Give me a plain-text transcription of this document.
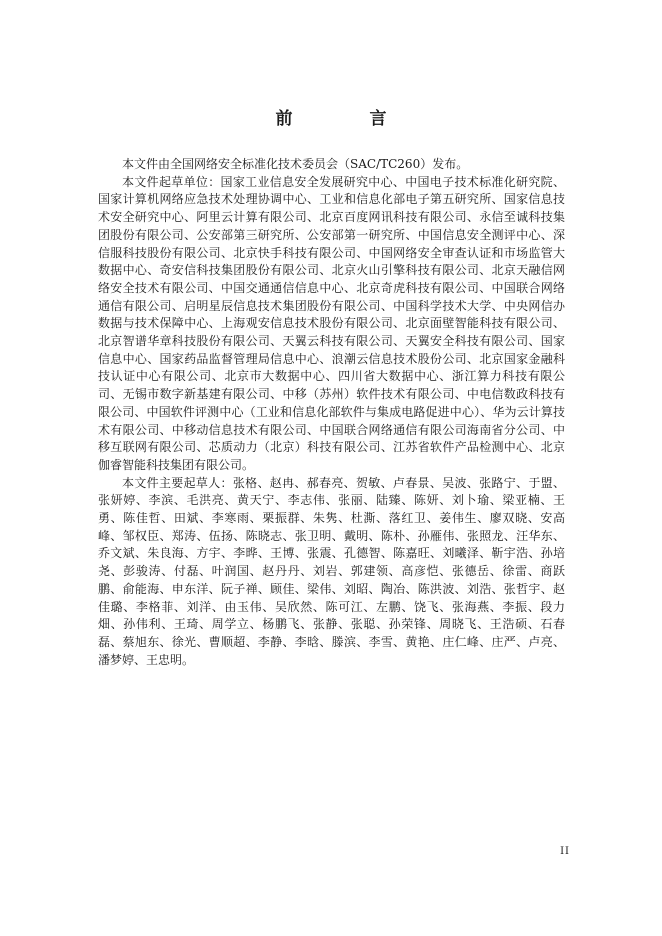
前　言

本文件由全国网络安全标准化技术委员会（SAC/TC260）发布。

本文件起草单位：国家工业信息安全发展研究中心、中国电子技术标准化研究院、国家计算机网络应急技术处理协调中心、工业和信息化部电子第五研究所、国家信息技术安全研究中心、阿里云计算有限公司、北京百度网讯科技有限公司、永信至诚科技集团股份有限公司、公安部第三研究所、公安部第一研究所、中国信息安全测评中心、深信服科技股份有限公司、北京快手科技有限公司、中国网络安全审查认证和市场监管大数据中心、奇安信科技集团股份有限公司、北京火山引擎科技有限公司、北京天融信网络安全技术有限公司、中国交通通信信息中心、北京奇虎科技有限公司、中国联合网络通信有限公司、启明星辰信息技术集团股份有限公司、中国科学技术大学、中央网信办数据与技术保障中心、上海观安信息技术股份有限公司、北京面壁智能科技有限公司、北京智谱华章科技股份有限公司、天翼云科技有限公司、天翼安全科技有限公司、国家信息中心、国家药品监督管理局信息中心、浪潮云信息技术股份公司、北京国家金融科技认证中心有限公司、北京市大数据中心、四川省大数据中心、浙江算力科技有限公司、无锡市数字新基建有限公司、中移（苏州）软件技术有限公司、中电信数政科技有限公司、中国软件评测中心（工业和信息化部软件与集成电路促进中心）、华为云计算技术有限公司、中移动信息技术有限公司、中国联合网络通信有限公司海南省分公司、中移互联网有限公司、芯质动力（北京）科技有限公司、江苏省软件产品检测中心、北京伽睿智能科技集团有限公司。

本文件主要起草人：张格、赵冉、郝春亮、贺敏、卢春景、吴波、张路宁、于盟、张妍婷、李滨、毛洪亮、黄天宁、李志伟、张丽、陆臻、陈妍、刘卜瑜、梁亚楠、王勇、陈佳哲、田斌、李寒雨、栗振群、朱隽、杜澌、落红卫、姜伟生、廖双晓、安高峰、邹权臣、郑涛、伍扬、陈晓志、张卫明、戴明、陈朴、孙雁伟、张照龙、汪华东、乔文斌、朱良海、方宇、李晔、王博、张震、孔德智、陈嘉旺、刘曦泽、靳宇浩、孙培尧、彭骏涛、付磊、叶润国、赵丹丹、刘岩、郭建领、高彦恺、张德岳、徐雷、商跃鹏、俞能海、申东洋、阮子禅、顾佳、梁伟、刘昭、陶冶、陈洪波、刘浩、张哲宇、赵佳璐、李格菲、刘洋、由玉伟、吴欣然、陈可江、左鹏、饶飞、张海燕、李振、段力畑、孙伟利、王琦、周学立、杨鹏飞、张静、张聪、孙荣锋、周晓飞、王浩硕、石春磊、蔡旭东、徐光、曹顺超、李静、李晗、滕滨、李雪、黄艳、庄仁峰、庄严、卢亮、潘梦婷、王忠明。

II
